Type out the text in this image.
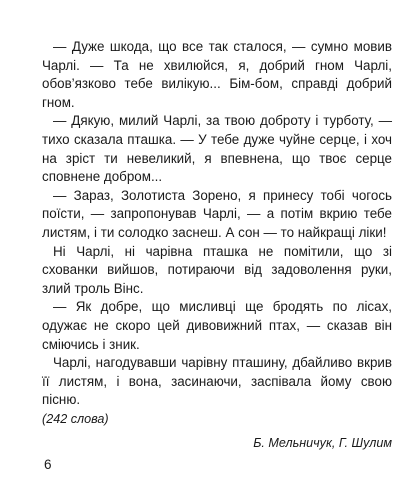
— Дуже шкода, що все так сталося, — сумно мовив Чарлі. — Та не хвилюйся, я, добрий гном Чарлі, обов’язково тебе вилікую... Бім-бом, справді добрий гном.

— Дякую, милий Чарлі, за твою доброту і турботу, — тихо сказала пташка. — У тебе дуже чуйне серце, і хоч на зріст ти невеликий, я впевнена, що твоє серце сповнене добром...

— Зараз, Золотиста Зорено, я принесу тобі чогось поїсти, — запропонував Чарлі, — а потім вкрию тебе листям, і ти солодко заснеш. А сон — то найкращі ліки!

Ні Чарлі, ні чарівна пташка не помітили, що зі схованки вийшов, потираючи від задоволення руки, злий троль Вінс.

— Як добре, що мисливці ще бродять по лісах, одужає не скоро цей дивовижний птах, — сказав він сміючись і зник.

Чарлі, нагодувавши чарівну пташину, дбайливо вкрив її листям, і вона, засинаючи, заспівала йому свою пісню.

(242 слова)

Б. Мельничук, Г. Шулим

6
